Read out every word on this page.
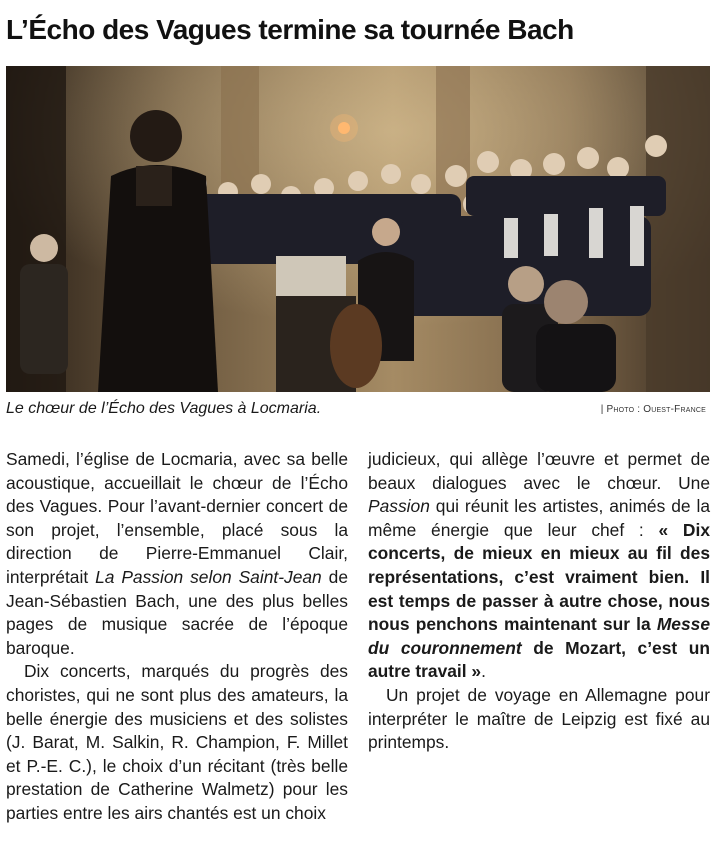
L’Écho des Vagues termine sa tournée Bach
Le chœur de l’Écho des Vagues à Locmaria.	| Photo : Ouest-France

Samedi, l’église de Locmaria, avec sa belle acoustique, accueillait le chœur de l’Écho des Vagues. Pour l’avant-dernier concert de son projet, l’ensemble, placé sous la direction de Pierre-Emmanuel Clair, interprétait La Passion selon Saint-Jean de Jean-Sébastien Bach, une des plus belles pages de musique sacrée de l’époque baroque.

Dix concerts, marqués du progrès des choristes, qui ne sont plus des amateurs, la belle énergie des musiciens et des solistes (J. Barat, M. Salkin, R. Champion, F. Millet et P.-E. C.), le choix d’un récitant (très belle prestation de Catherine Walmetz) pour les parties entre les airs chantés est un choix

judicieux, qui allège l’œuvre et permet de beaux dialogues avec le chœur. Une Passion qui réunit les artistes, animés de la même énergie que leur chef : « Dix concerts, de mieux en mieux au fil des représentations, c’est vraiment bien. Il est temps de passer à autre chose, nous nous penchons maintenant sur la Messe du couronnement de Mozart, c’est un autre travail ».

Un projet de voyage en Allemagne pour interpréter le maître de Leipzig est fixé au printemps.
